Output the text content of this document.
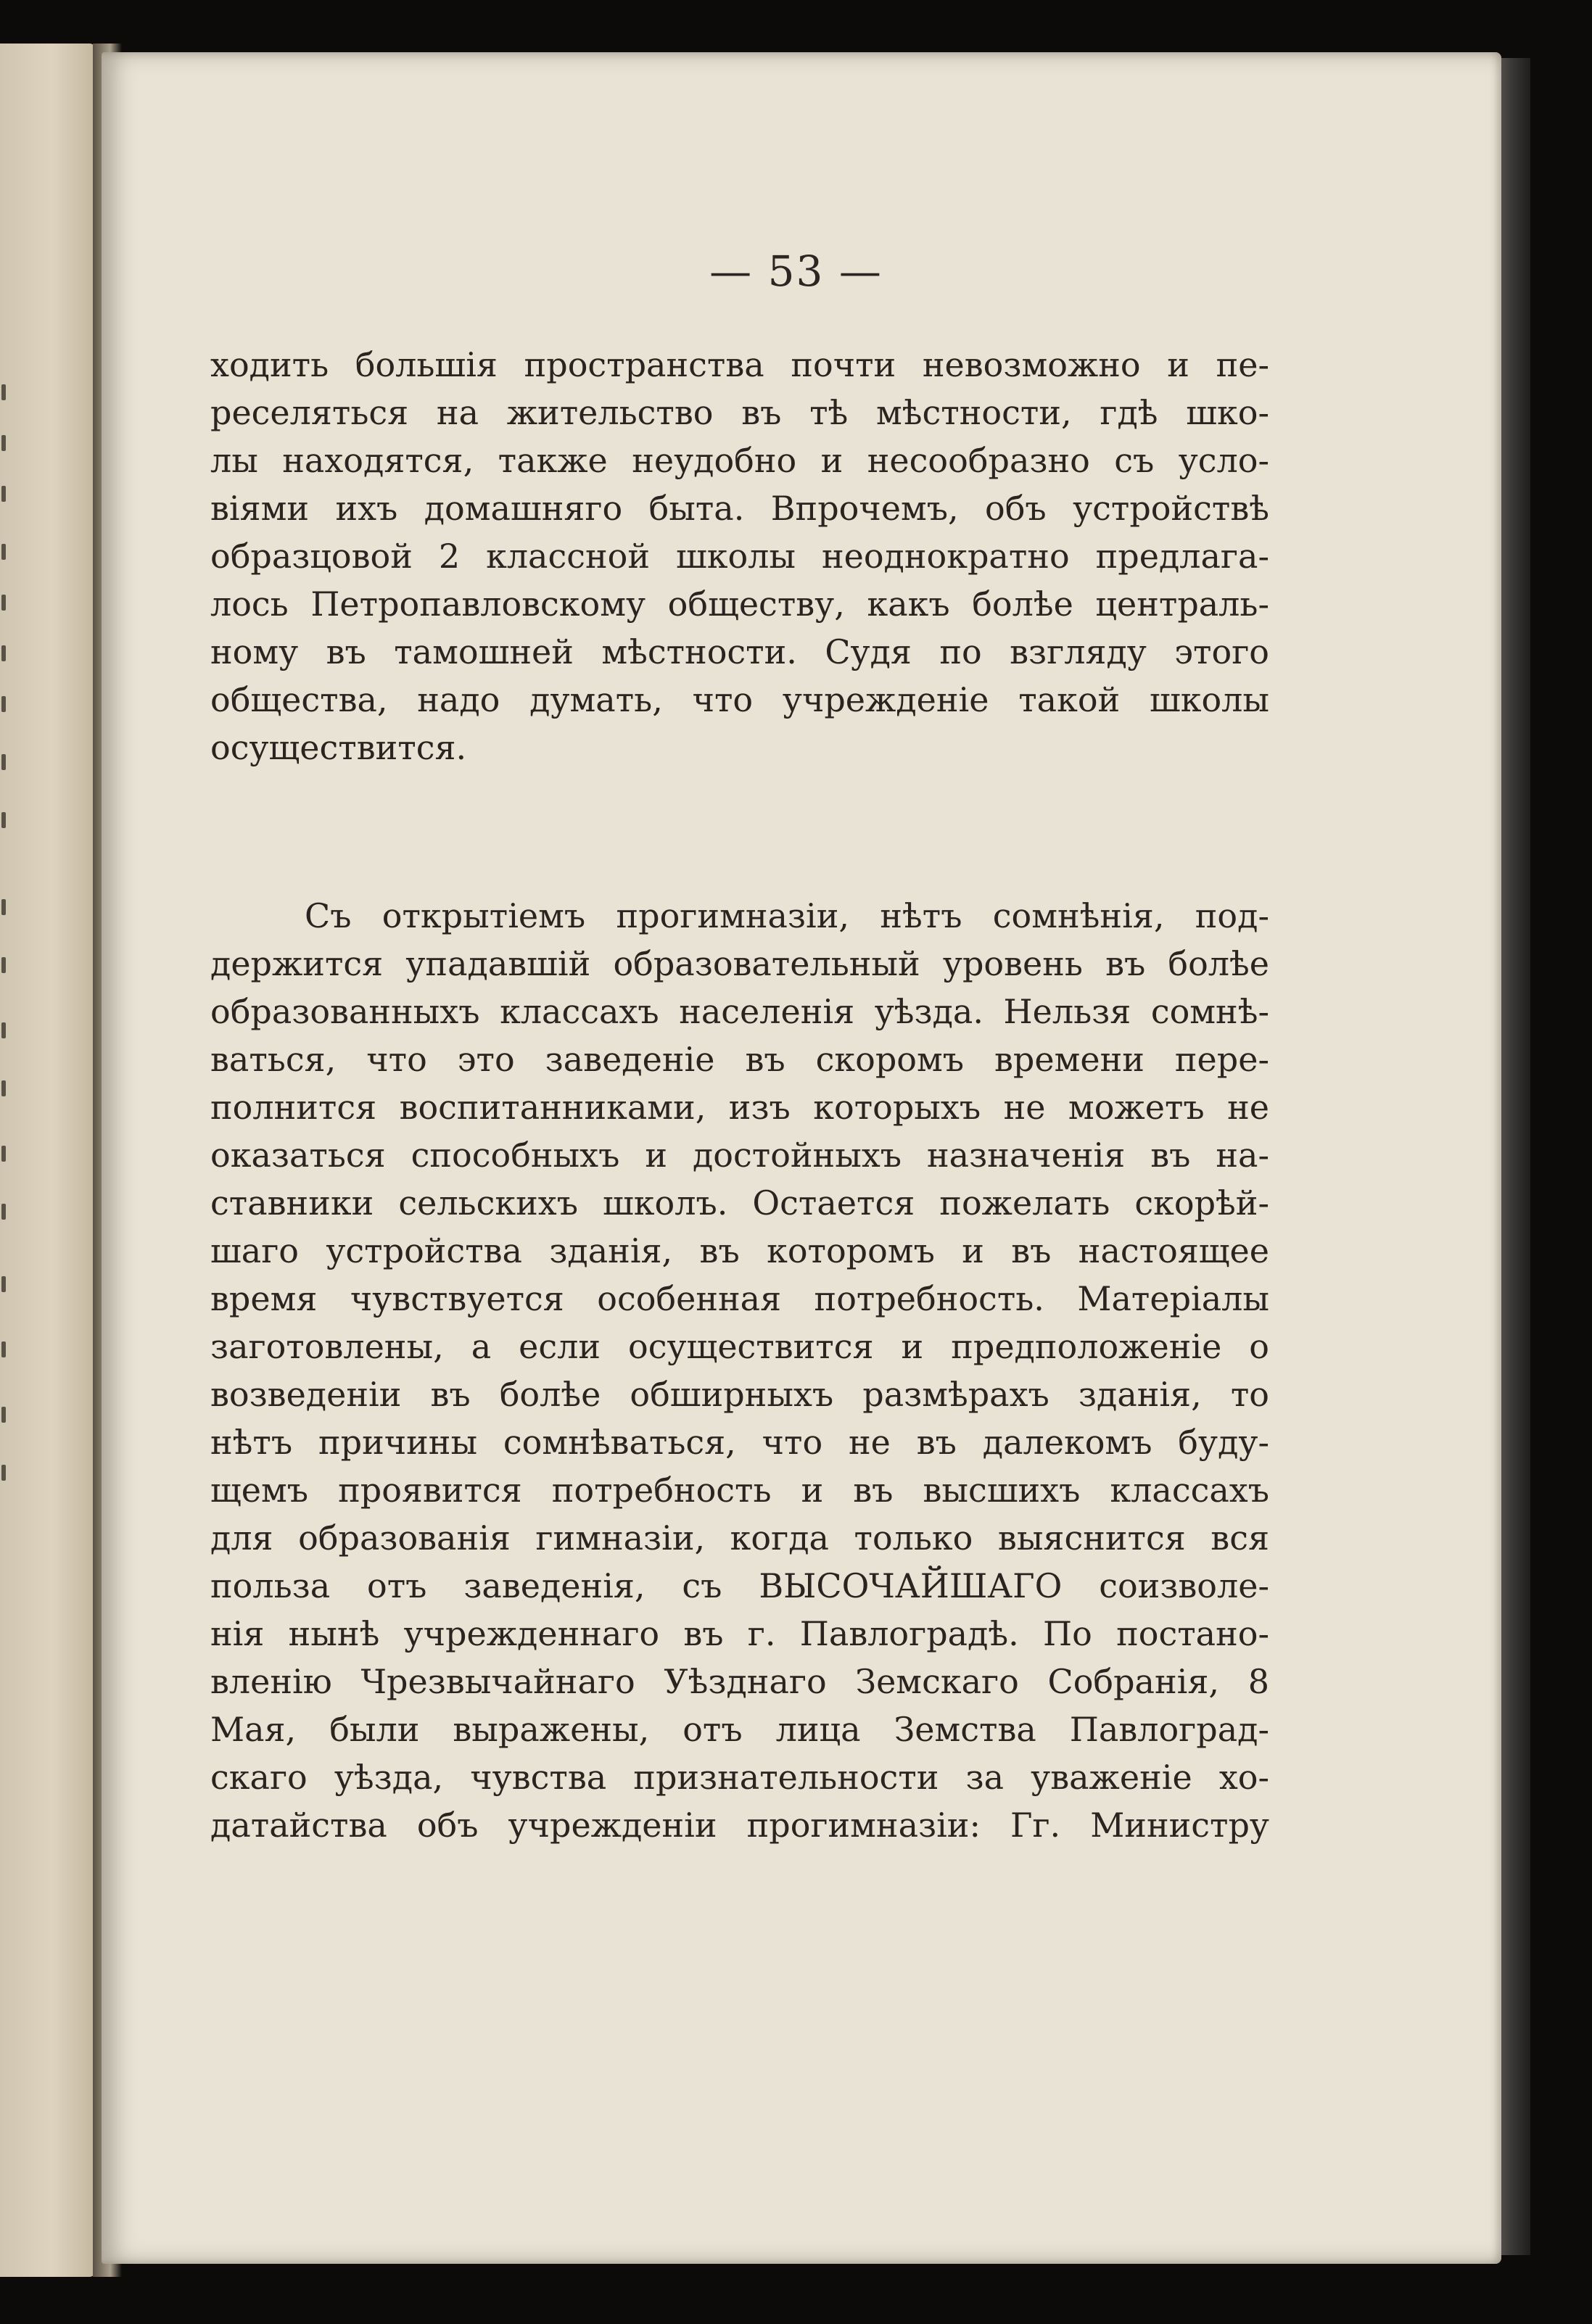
— 53 —
ходить большія пространства почти невозможно и пе-
реселяться на жительство въ тѣ мѣстности, гдѣ шко-
лы находятся, также неудобно и несообразно съ усло-
віями ихъ домашняго быта. Впрочемъ, объ устройствѣ
образцовой 2 классной школы неоднократно предлага-
лось Петропавловскому обществу, какъ болѣе централь-
ному въ тамошней мѣстности. Судя по взгляду этого
общества, надо думать, что учрежденіе такой школы
осуществится.
Съ открытіемъ прогимназіи, нѣтъ сомнѣнія, под-
держится упадавшій образовательный уровень въ болѣе
образованныхъ классахъ населенія уѣзда. Нельзя сомнѣ-
ваться, что это заведеніе въ скоромъ времени пере-
полнится воспитанниками, изъ которыхъ не можетъ не
оказаться способныхъ и достойныхъ назначенія въ на-
ставники сельскихъ школъ. Остается пожелать скорѣй-
шаго устройства зданія, въ которомъ и въ настоящее
время чувствуется особенная потребность. Матеріалы
заготовлены, а если осуществится и предположеніе о
возведеніи въ болѣе обширныхъ размѣрахъ зданія, то
нѣтъ причины сомнѣваться, что не въ далекомъ буду-
щемъ проявится потребность и въ высшихъ классахъ
для образованія гимназіи, когда только выяснится вся
польза отъ заведенія, съ ВЫСОЧАЙШАГО соизволе-
нія нынѣ учрежденнаго въ г. Павлоградѣ. По постано-
вленію Чрезвычайнаго Уѣзднаго Земскаго Собранія, 8
Мая, были выражены, отъ лица Земства Павлоград-
скаго уѣзда, чувства признательности за уваженіе хо-
датайства объ учрежденіи прогимназіи: Гг. Министру
